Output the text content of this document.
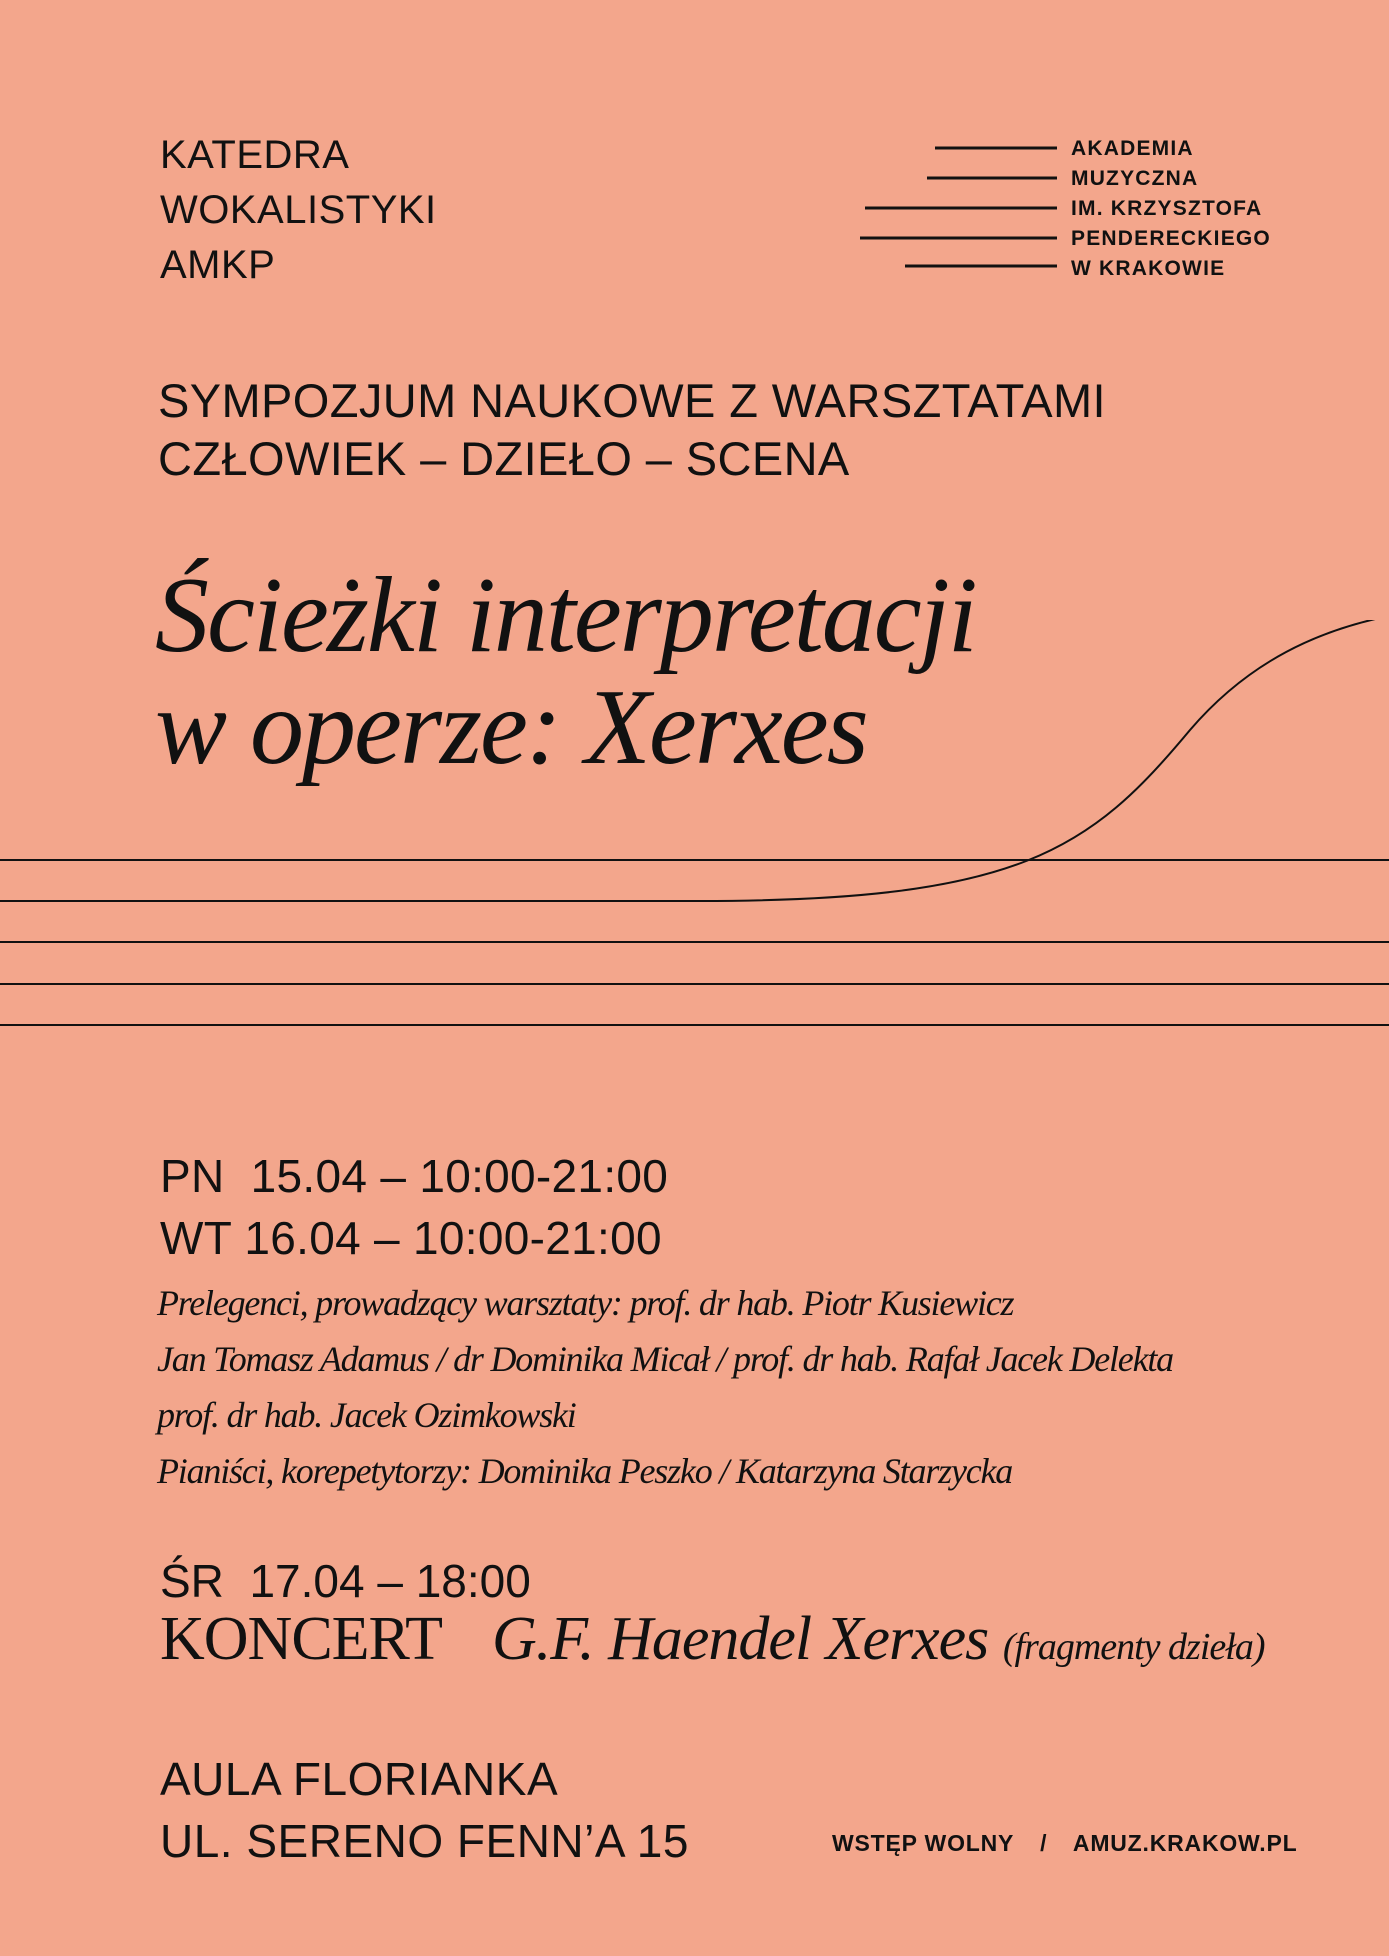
KATEDRA
WOKALISTYKI
AMKP
AKADEMIA
MUZYCZNA
IM. KRZYSZTOFA
PENDERECKIEGO
W KRAKOWIE
SYMPOZJUM NAUKOWE Z WARSZTATAMI
CZŁOWIEK – DZIEŁO – SCENA
Ścieżki interpretacji
w operze: Xerxes
PN  15.04 – 10:00-21:00
WT 16.04 – 10:00-21:00
Prelegenci, prowadzący warsztaty: prof. dr hab. Piotr Kusiewicz
Jan Tomasz Adamus / dr Dominika Micał / prof. dr hab. Rafał Jacek Delekta
prof. dr hab. Jacek Ozimkowski
Pianiści, korepetytorzy: Dominika Peszko / Katarzyna Starzycka
ŚR  17.04 – 18:00
KONCERT G.F. Haendel Xerxes (fragmenty dzieła)
AULA FLORIANKA
UL. SERENO FENN’A 15	WSTĘP WOLNY / AMUZ.KRAKOW.PL
